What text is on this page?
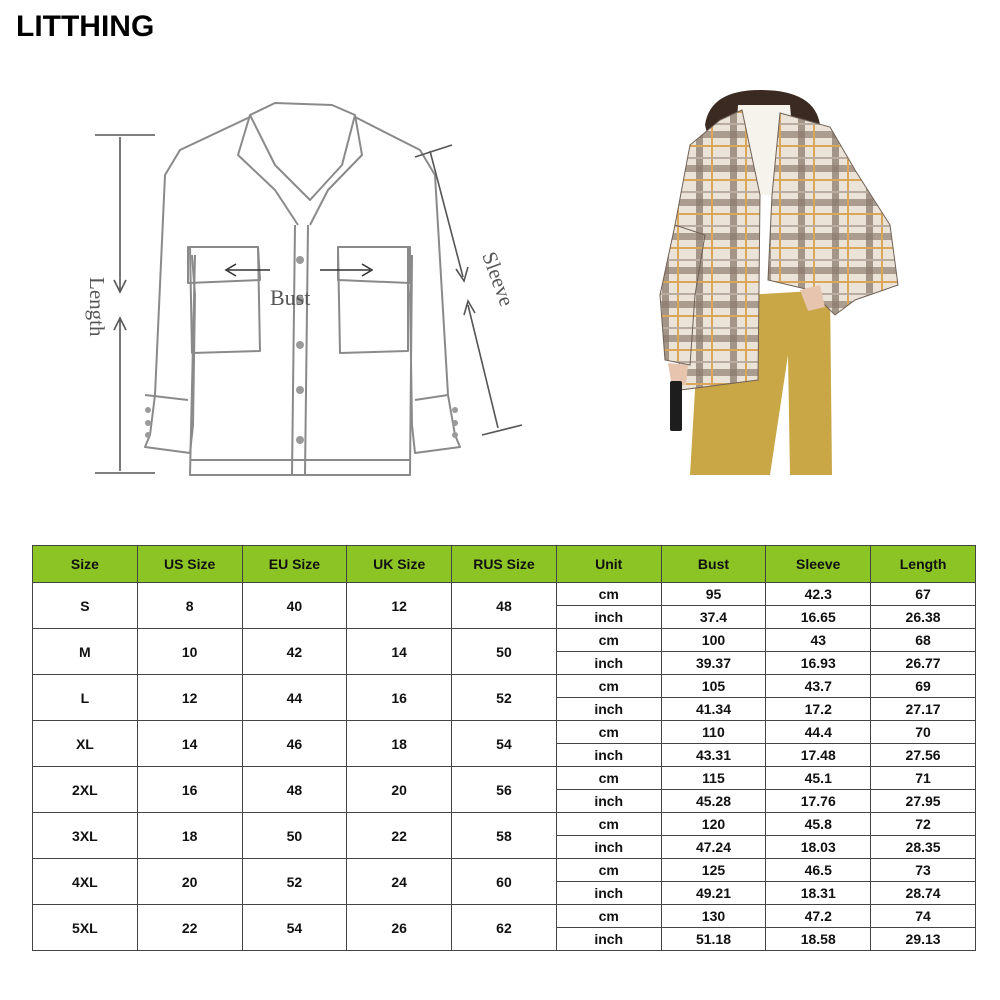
LITTHING
Length	Bust	Sleeve
Size	US Size	EU Size	UK Size	RUS Size	Unit	Bust	Sleeve	Length
S	8	40	12	48	cm	95	42.3	67
					inch	37.4	16.65	26.38
M	10	42	14	50	cm	100	43	68
					inch	39.37	16.93	26.77
L	12	44	16	52	cm	105	43.7	69
					inch	41.34	17.2	27.17
XL	14	46	18	54	cm	110	44.4	70
					inch	43.31	17.48	27.56
2XL	16	48	20	56	cm	115	45.1	71
					inch	45.28	17.76	27.95
3XL	18	50	22	58	cm	120	45.8	72
					inch	47.24	18.03	28.35
4XL	20	52	24	60	cm	125	46.5	73
					inch	49.21	18.31	28.74
5XL	22	54	26	62	cm	130	47.2	74
					inch	51.18	18.58	29.13
